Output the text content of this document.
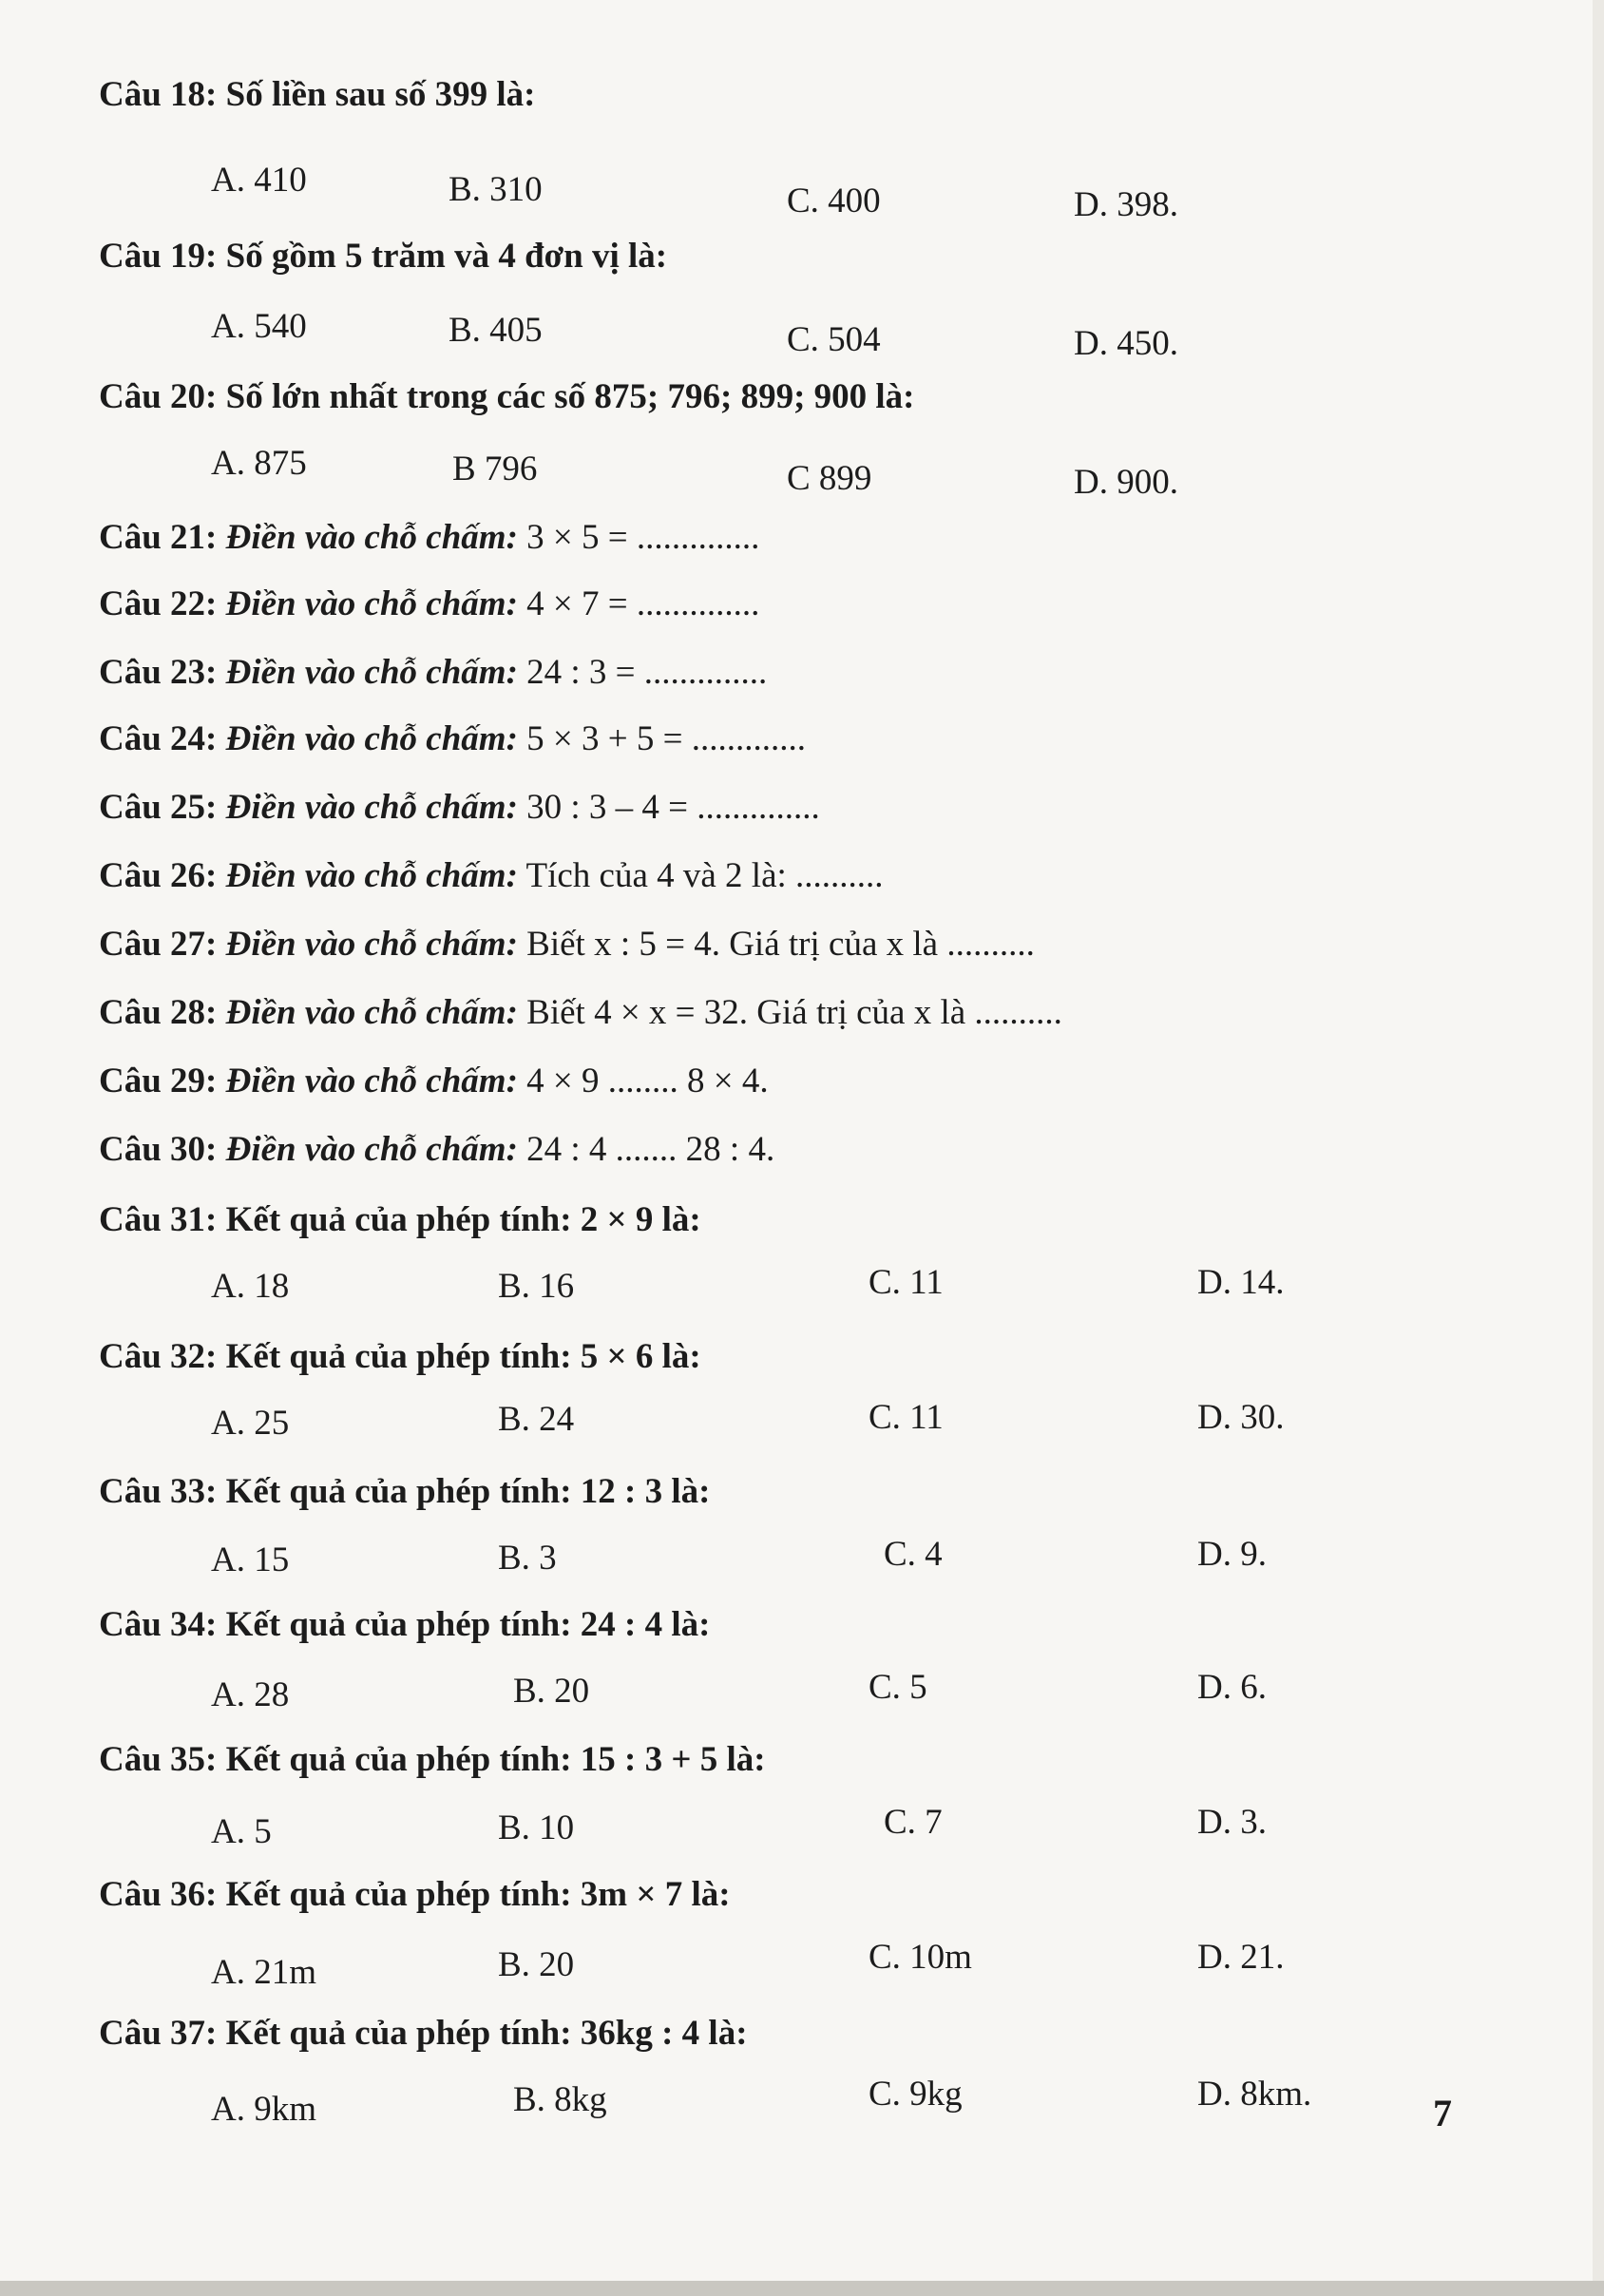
Câu 18: Số liền sau số 399 là:
A. 410	B. 310	C. 400	D. 398.
Câu 19: Số gồm 5 trăm và 4 đơn vị là:
A. 540	B. 405	C. 504	D. 450.
Câu 20: Số lớn nhất trong các số 875; 796; 899; 900 là:
A. 875	B 796	C 899	D. 900.
Câu 21: Điền vào chỗ chấm: 3 × 5 = ..............
Câu 22: Điền vào chỗ chấm: 4 × 7 = ..............
Câu 23: Điền vào chỗ chấm: 24 : 3 = ..............
Câu 24: Điền vào chỗ chấm: 5 × 3 + 5 = .............
Câu 25: Điền vào chỗ chấm: 30 : 3 – 4 = ..............
Câu 26: Điền vào chỗ chấm: Tích của 4 và 2 là: ..........
Câu 27: Điền vào chỗ chấm: Biết x : 5 = 4. Giá trị của x là ..........
Câu 28: Điền vào chỗ chấm: Biết 4 × x = 32. Giá trị của x là ..........
Câu 29: Điền vào chỗ chấm: 4 × 9 ........ 8 × 4.
Câu 30: Điền vào chỗ chấm: 24 : 4 ....... 28 : 4.
Câu 31: Kết quả của phép tính: 2 × 9 là:
A. 18	B. 16	C. 11	D. 14.
Câu 32: Kết quả của phép tính: 5 × 6 là:
A. 25	B. 24	C. 11	D. 30.
Câu 33: Kết quả của phép tính: 12 : 3 là:
A. 15	B. 3	C. 4	D. 9.
Câu 34: Kết quả của phép tính: 24 : 4 là:
A. 28	B. 20	C. 5	D. 6.
Câu 35: Kết quả của phép tính: 15 : 3 + 5 là:
A. 5	B. 10	C. 7	D. 3.
Câu 36: Kết quả của phép tính: 3m × 7 là:
A. 21m	B. 20	C. 10m	D. 21.
Câu 37: Kết quả của phép tính: 36kg : 4 là:
A. 9km	B. 8kg	C. 9kg	D. 8km.	7
